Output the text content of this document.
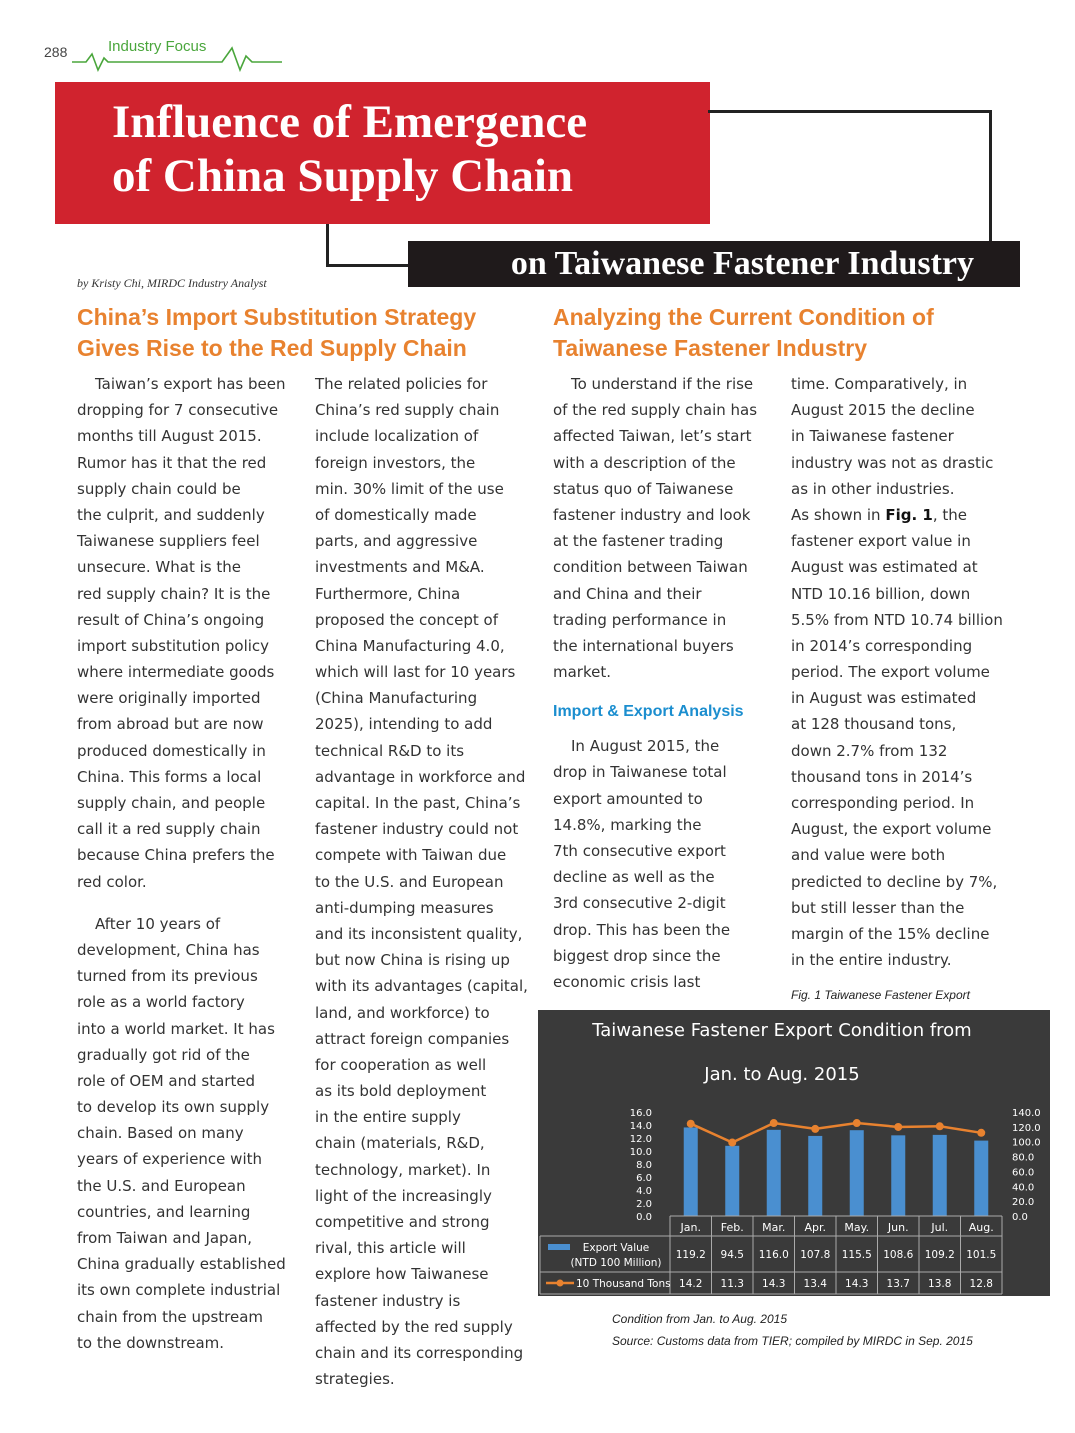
288	Industry Focus
Influence of Emergence
of China Supply Chain
on Taiwanese Fastener Industry
by Kristy Chi, MIRDC Industry Analyst
China’s Import Substitution Strategy
Gives Rise to the Red Supply Chain
Analyzing the Current Condition of
Taiwanese Fastener Industry
Taiwan’s export has been
dropping for 7 consecutive
months till August 2015.
Rumor has it that the red
supply chain could be
the culprit, and suddenly
Taiwanese suppliers feel
unsecure. What is the
red supply chain? It is the
result of China’s ongoing
import substitution policy
where intermediate goods
were originally imported
from abroad but are now
produced domestically in
China. This forms a local
supply chain, and people
call it a red supply chain
because China prefers the
red color.
After 10 years of
development, China has
turned from its previous
role as a world factory
into a world market. It has
gradually got rid of the
role of OEM and started
to develop its own supply
chain. Based on many
years of experience with
the U.S. and European
countries, and learning
from Taiwan and Japan,
China gradually established
its own complete industrial
chain from the upstream
to the downstream.
The related policies for
China’s red supply chain
include localization of
foreign investors, the
min. 30% limit of the use
of domestically made
parts, and aggressive
investments and M&A.
Furthermore, China
proposed the concept of
China Manufacturing 4.0,
which will last for 10 years
(China Manufacturing
2025), intending to add
technical R&D to its
advantage in workforce and
capital. In the past, China’s
fastener industry could not
compete with Taiwan due
to the U.S. and European
anti-dumping measures
and its inconsistent quality,
but now China is rising up
with its advantages (capital,
land, and workforce) to
attract foreign companies
for cooperation as well
as its bold deployment
in the entire supply
chain (materials, R&D,
technology, market). In
light of the increasingly
competitive and strong
rival, this article will
explore how Taiwanese
fastener industry is
affected by the red supply
chain and its corresponding
strategies.
To understand if the rise
of the red supply chain has
affected Taiwan, let’s start
with a description of the
status quo of Taiwanese
fastener industry and look
at the fastener trading
condition between Taiwan
and China and their
trading performance in
the international buyers
market.
Import & Export Analysis
In August 2015, the
drop in Taiwanese total
export amounted to
14.8%, marking the
7th consecutive export
decline as well as the
3rd consecutive 2-digit
drop. This has been the
biggest drop since the
economic crisis last
time. Comparatively, in
August 2015 the decline
in Taiwanese fastener
industry was not as drastic
as in other industries.
As shown in Fig. 1, the
fastener export value in
August was estimated at
NTD 10.16 billion, down
5.5% from NTD 10.74 billion
in 2014’s corresponding
period. The export volume
in August was estimated
at 128 thousand tons,
down 2.7% from 132
thousand tons in 2014’s
corresponding period. In
August, the export volume
and value were both
predicted to decline by 7%,
but still lesser than the
margin of the 15% decline
in the entire industry.
Fig. 1 Taiwanese Fastener Export
Taiwanese Fastener Export Condition from
Jan. to Aug. 2015
0.0
2.0
4.0
6.0
8.0
10.0
12.0
14.0
16.0
0.0
20.0
40.0
60.0
80.0
100.0
120.0
140.0
Jan.
119.2
14.2
Feb.
94.5
11.3
Mar.
116.0
14.3
Apr.
107.8
13.4
May.
115.5
14.3
Jun.
108.6
13.7
Jul.
109.2
13.8
Aug.
101.5
12.8
Export Value
(NTD 100 Million)
10 Thousand Tons
Condition from Jan. to Aug. 2015
Source: Customs data from TIER; compiled by MIRDC in Sep. 2015
